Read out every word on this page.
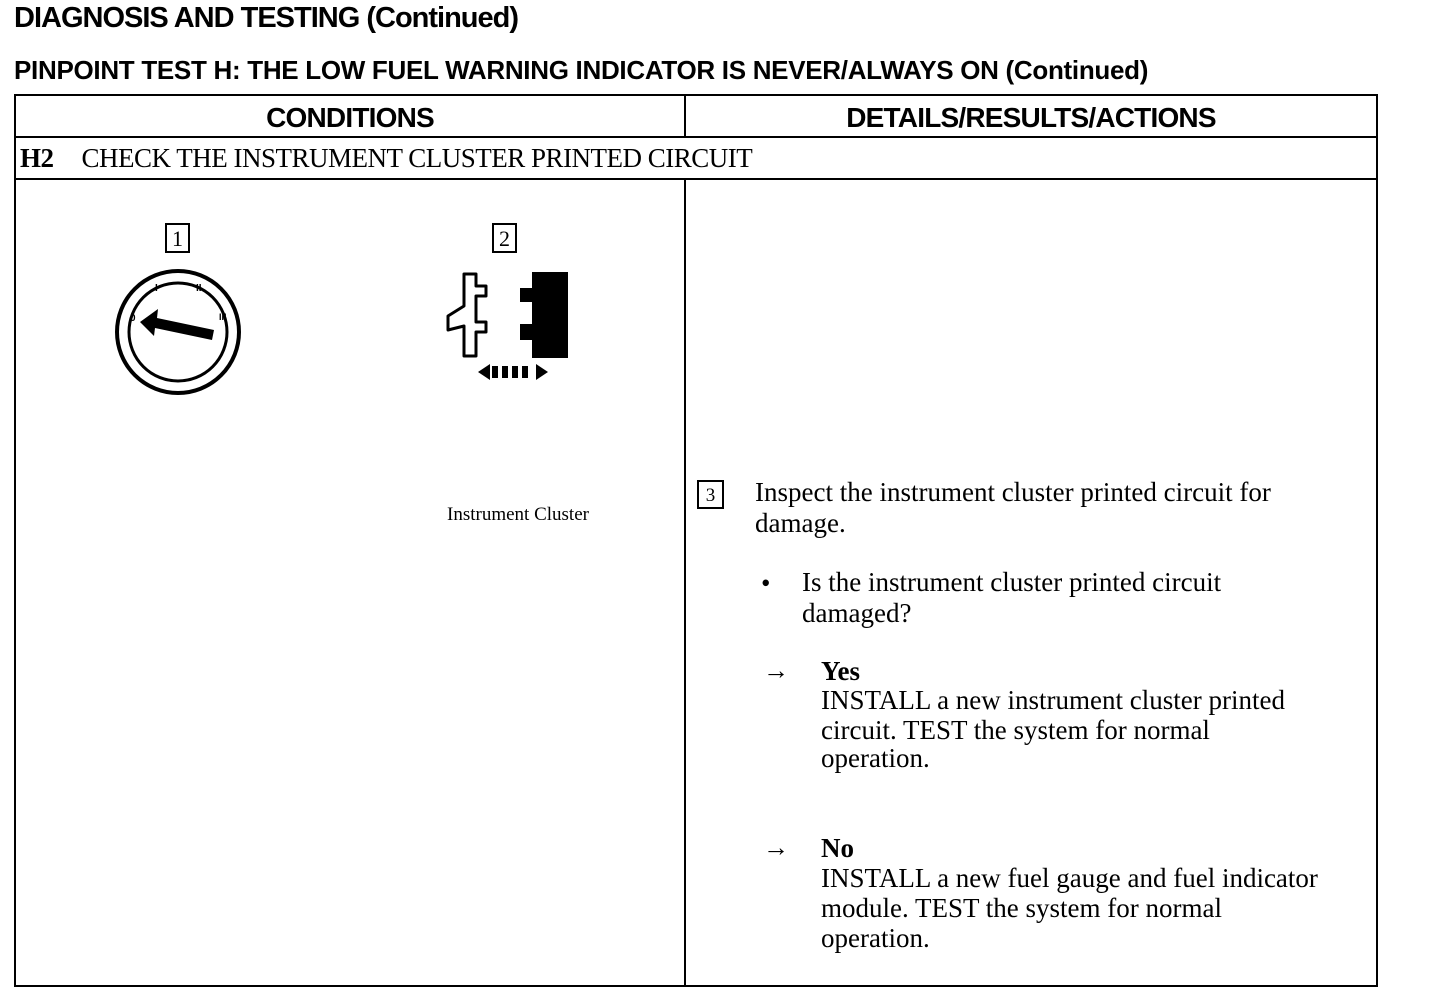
DIAGNOSIS AND TESTING (Continued)
PINPOINT TEST H: THE LOW FUEL WARNING INDICATOR IS NEVER/ALWAYS ON (Continued)
CONDITIONS	DETAILS/RESULTS/ACTIONS
H2 CHECK THE INSTRUMENT CLUSTER PRINTED CIRCUIT
1	2
0
I	II
III
Instrument Cluster
3	Inspect the instrument cluster printed circuit for
damage.
• Is the instrument cluster printed circuit
damaged?
→ Yes
INSTALL a new instrument cluster printed
circuit. TEST the system for normal
operation.
→ No
INSTALL a new fuel gauge and fuel indicator
module. TEST the system for normal
operation.
